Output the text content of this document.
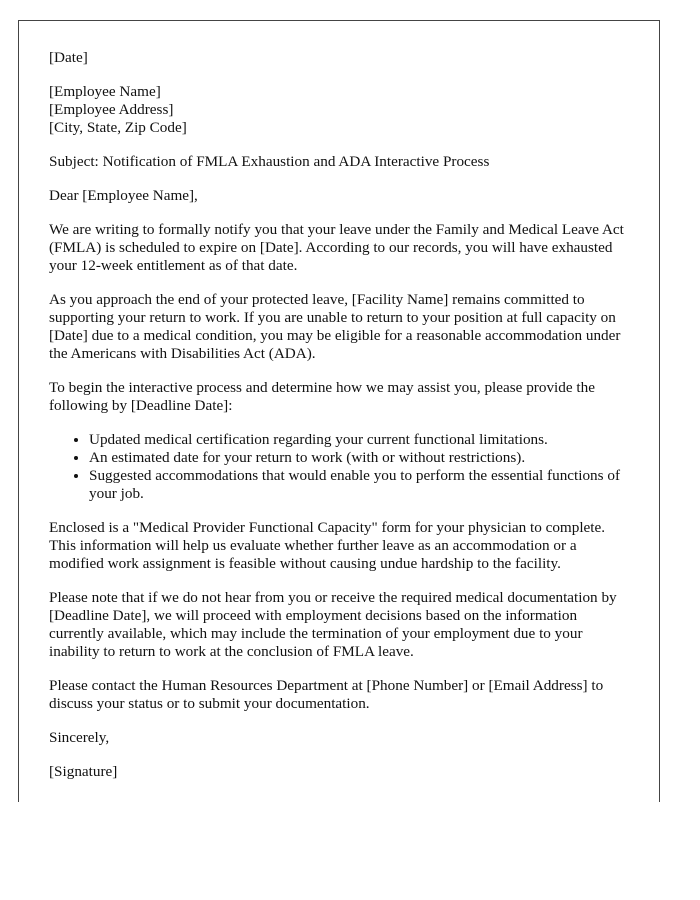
[Date]

[Employee Name]

[Employee Address]

[City, State, Zip Code]

Subject: Notification of FMLA Exhaustion and ADA Interactive Process

Dear [Employee Name],

We are writing to formally notify you that your leave under the Family and Medical Leave Act (FMLA) is scheduled to expire on [Date]. According to our records, you will have exhausted your 12-week entitlement as of that date.

As you approach the end of your protected leave, [Facility Name] remains committed to supporting your return to work. If you are unable to return to your position at full capacity on [Date] due to a medical condition, you may be eligible for a reasonable accommodation under the Americans with Disabilities Act (ADA).

To begin the interactive process and determine how we may assist you, please provide the following by [Deadline Date]:

• Updated medical certification regarding your current functional limitations.
• An estimated date for your return to work (with or without restrictions).
• Suggested accommodations that would enable you to perform the essential functions of your job.

Enclosed is a "Medical Provider Functional Capacity" form for your physician to complete. This information will help us evaluate whether further leave as an accommodation or a modified work assignment is feasible without causing undue hardship to the facility.

Please note that if we do not hear from you or receive the required medical documentation by [Deadline Date], we will proceed with employment decisions based on the information currently available, which may include the termination of your employment due to your inability to return to work at the conclusion of FMLA leave.

Please contact the Human Resources Department at [Phone Number] or [Email Address] to discuss your status or to submit your documentation.

Sincerely,

[Signature]
